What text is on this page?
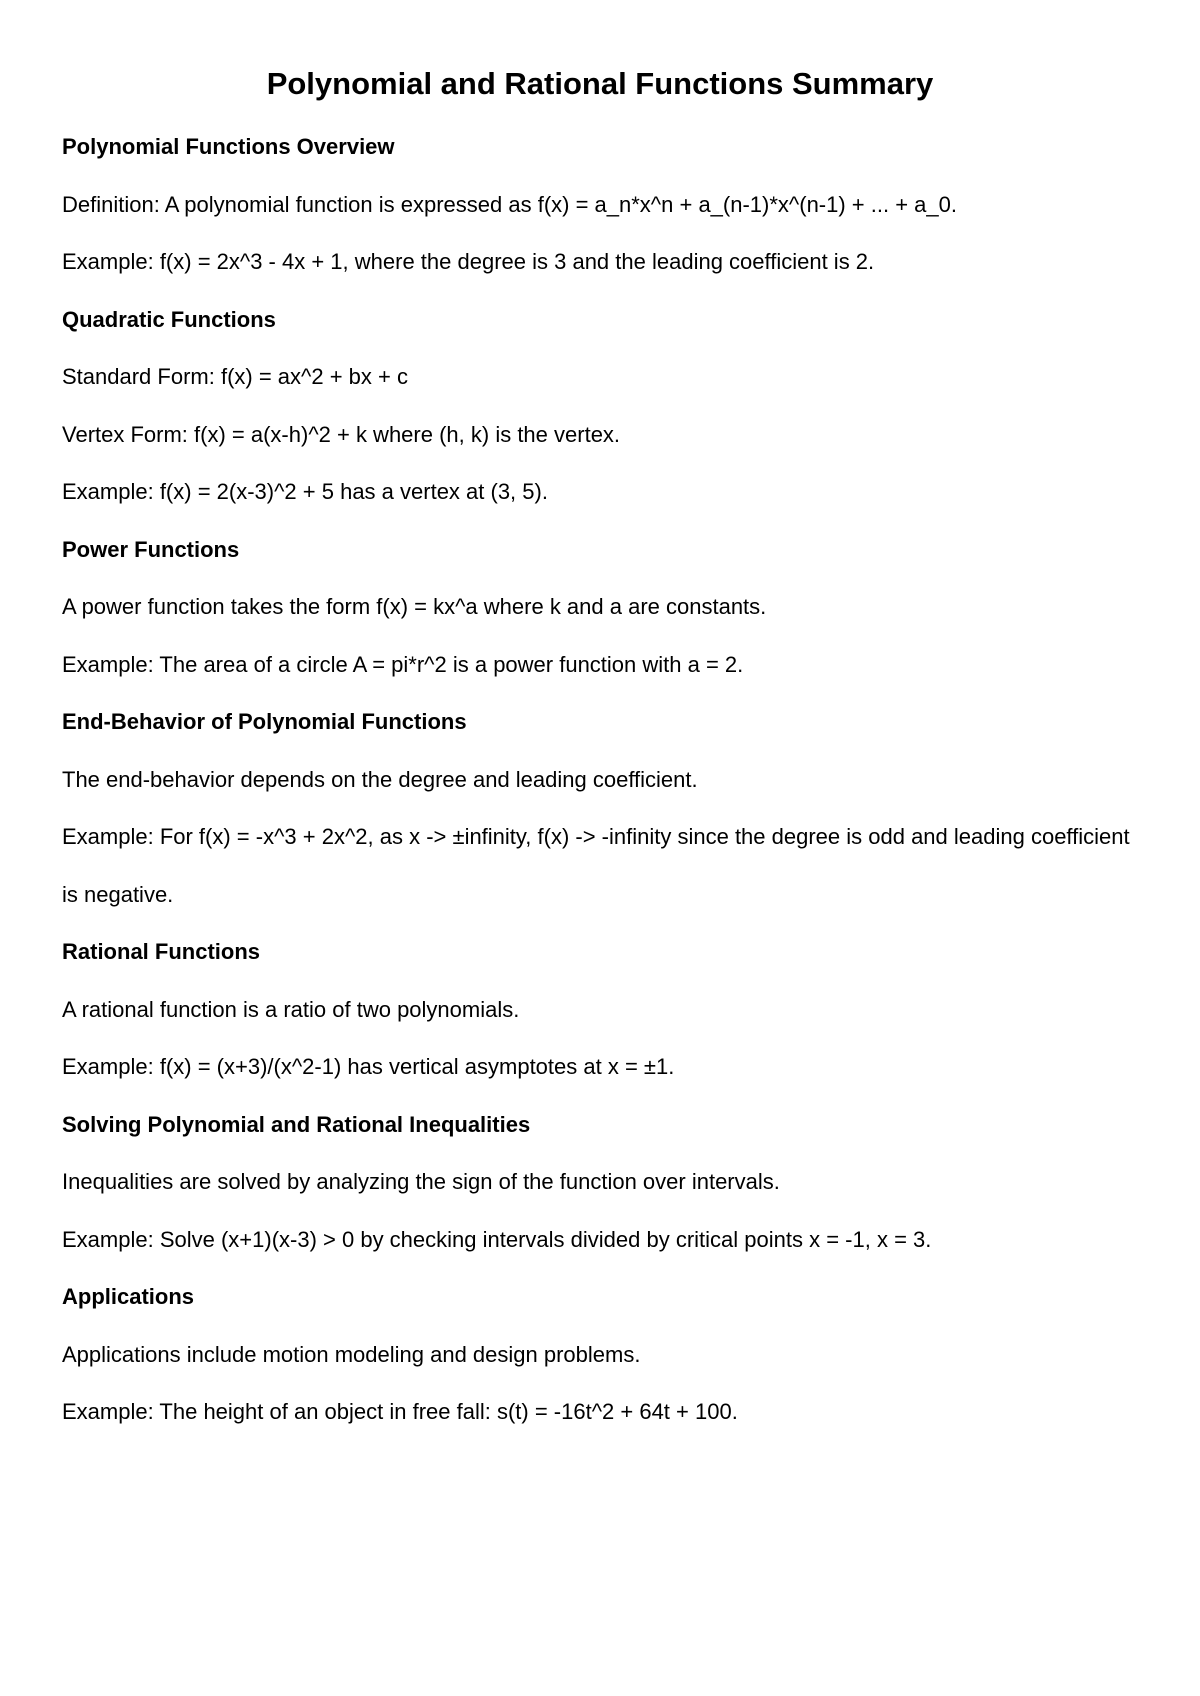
Polynomial and Rational Functions Summary
Polynomial Functions Overview

Definition: A polynomial function is expressed as f(x) = a_n*x^n + a_(n-1)*x^(n-1) + ... + a_0.

Example: f(x) = 2x^3 - 4x + 1, where the degree is 3 and the leading coefficient is 2.

Quadratic Functions

Standard Form: f(x) = ax^2 + bx + c

Vertex Form: f(x) = a(x-h)^2 + k where (h, k) is the vertex.

Example: f(x) = 2(x-3)^2 + 5 has a vertex at (3, 5).

Power Functions

A power function takes the form f(x) = kx^a where k and a are constants.

Example: The area of a circle A = pi*r^2 is a power function with a = 2.

End-Behavior of Polynomial Functions

The end-behavior depends on the degree and leading coefficient.

Example: For f(x) = -x^3 + 2x^2, as x -> ±infinity, f(x) -> -infinity since the degree is odd and leading coefficient is negative.

Rational Functions

A rational function is a ratio of two polynomials.

Example: f(x) = (x+3)/(x^2-1) has vertical asymptotes at x = ±1.

Solving Polynomial and Rational Inequalities

Inequalities are solved by analyzing the sign of the function over intervals.

Example: Solve (x+1)(x-3) > 0 by checking intervals divided by critical points x = -1, x = 3.

Applications

Applications include motion modeling and design problems.

Example: The height of an object in free fall: s(t) = -16t^2 + 64t + 100.
